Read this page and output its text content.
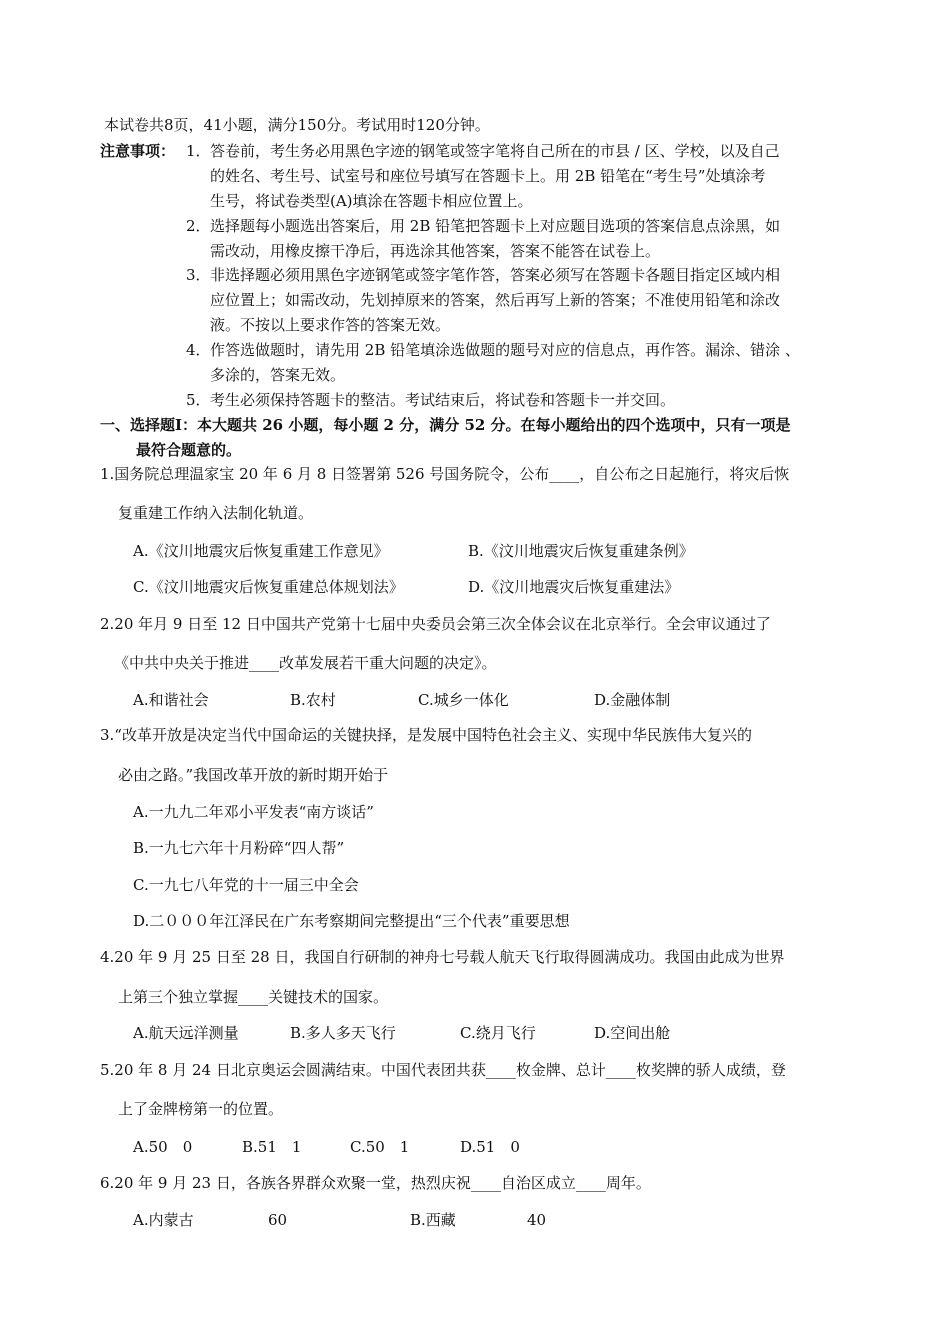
本试卷共8页，41小题，满分150分。考试用时120分钟。
注意事项： 1． 答卷前，考生务必用黑色字迹的钢笔或签字笔将自己所在的市县 / 区、学校，以及自己
的姓名、考生号、试室号和座位号填写在答题卡上。用 2B 铅笔在“考生号”处填涂考
生号，将试卷类型(A)填涂在答题卡相应位置上。
2． 选择题每小题选出答案后，用 2B 铅笔把答题卡上对应题目选项的答案信息点涂黑，如
需改动，用橡皮擦干净后，再选涂其他答案，答案不能答在试卷上。
3． 非选择题必须用黑色字迹钢笔或签字笔作答，答案必须写在答题卡各题目指定区域内相
应位置上；如需改动，先划掉原来的答案，然后再写上新的答案；不准使用铅笔和涂改
液。不按以上要求作答的答案无效。
4． 作答选做题时，请先用 2B 铅笔填涂选做题的题号对应的信息点，再作答。漏涂、错涂 、
多涂的，答案无效。
5． 考生必须保持答题卡的整洁。考试结束后，将试卷和答题卡一并交回。
一、选择题Ⅰ：本大题共 26 小题，每小题 2 分，满分 52 分。在每小题给出的四个选项中，只有一项是
最符合题意的。
1.国务院总理温家宝 20 年 6 月 8 日签署第 526 号国务院令，公布____，自公布之日起施行，将灾后恢
复重建工作纳入法制化轨道。
A.《汶川地震灾后恢复重建工作意见》	B.《汶川地震灾后恢复重建条例》
C.《汶川地震灾后恢复重建总体规划法》	D.《汶川地震灾后恢复重建法》
2.20 年月 9 日至 12 日中国共产党第十七届中央委员会第三次全体会议在北京举行。全会审议通过了
《中共中央关于推进____改革发展若干重大问题的决定》。
A.和谐社会	B.农村	C.城乡一体化	D.金融体制
3.“改革开放是决定当代中国命运的关键抉择，是发展中国特色社会主义、实现中华民族伟大复兴的
必由之路。”我国改革开放的新时期开始于
A.一九九二年邓小平发表“南方谈话”
B.一九七六年十月粉碎“四人帮”
C.一九七八年党的十一届三中全会
D.二０００年江泽民在广东考察期间完整提出“三个代表”重要思想
4.20 年 9 月 25 日至 28 日，我国自行研制的神舟七号载人航天飞行取得圆满成功。我国由此成为世界
上第三个独立掌握____关键技术的国家。
A.航天远洋测量	B.多人多天飞行	C.绕月飞行	D.空间出舱
5.20 年 8 月 24 日北京奥运会圆满结束。中国代表团共获____枚金牌、总计____枚奖牌的骄人成绩，登
上了金牌榜第一的位置。
A.50　0	B.51　1	C.50　1	D.51　0
6.20 年 9 月 23 日，各族各界群众欢聚一堂，热烈庆祝____自治区成立____周年。
A.内蒙古	60	B.西藏	40
